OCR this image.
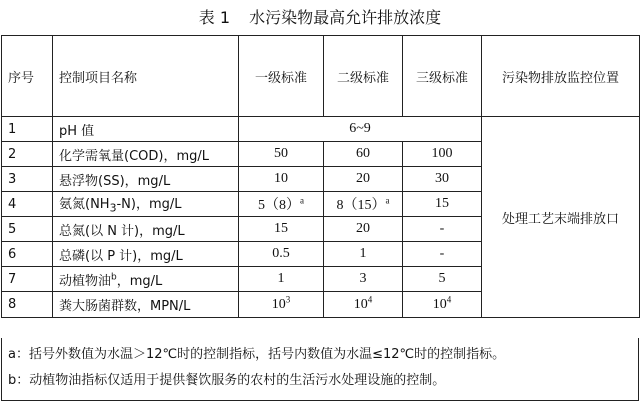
表 1 水污染物最高允许排放浓度
序号	控制项目名称	一级标准	二级标准	三级标准	污染物排放监控位置
1	pH 值	6~9			处理工艺末端排放口
2	化学需氧量(COD)，mg/L	50	60	100	
3	悬浮物(SS)，mg/L	10	20	30	
4	氨氮$(NH_3-N)$，mg/L	$5(8)^a$	$8(15)^a$	15	
5	总氮(以 N 计)，mg/L	15	20	-	
6	总磷(以 P 计)，mg/L	0.5	1	-	
7	动植物油$^b$，mg/L	1	3	5	
8	粪大肠菌群数，MPN/L	$10^3$	$10^4$	$10^4$
a：括号外数值为水温＞12℃时的控制指标，括号内数值为水温≤12℃时的控制指标。
b：动植物油指标仅适用于提供餐饮服务的农村的生活污水处理设施的控制。
